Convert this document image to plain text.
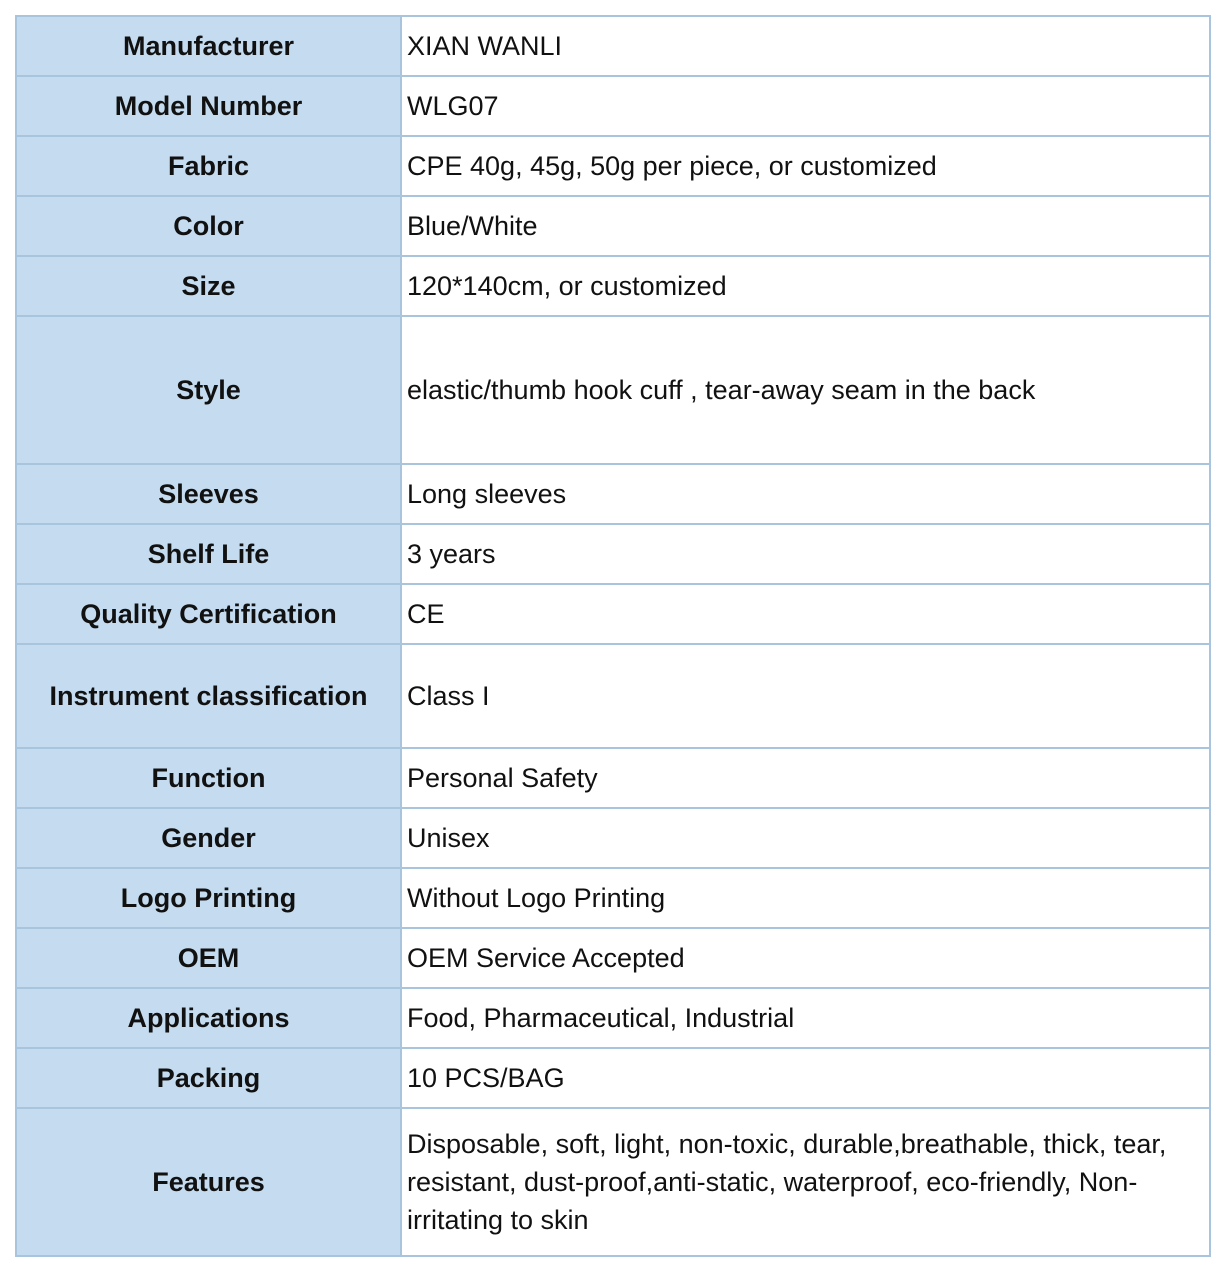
Manufacturer	XIAN WANLI
Model Number	WLG07
Fabric	CPE 40g, 45g, 50g per piece, or customized
Color	Blue/White
Size	120*140cm, or customized
Style	elastic/thumb hook cuff , tear-away seam in the back
Sleeves	Long sleeves
Shelf Life	3 years
Quality Certification	CE
Instrument classification	Class I
Function	Personal Safety
Gender	Unisex
Logo Printing	Without Logo Printing
OEM	OEM Service Accepted
Applications	Food, Pharmaceutical, Industrial
Packing	10 PCS/BAG
Features	Disposable, soft, light, non-toxic, durable,breathable, thick, tear, resistant, dust-proof,anti-static, waterproof, eco-friendly, Non-irritating to skin
